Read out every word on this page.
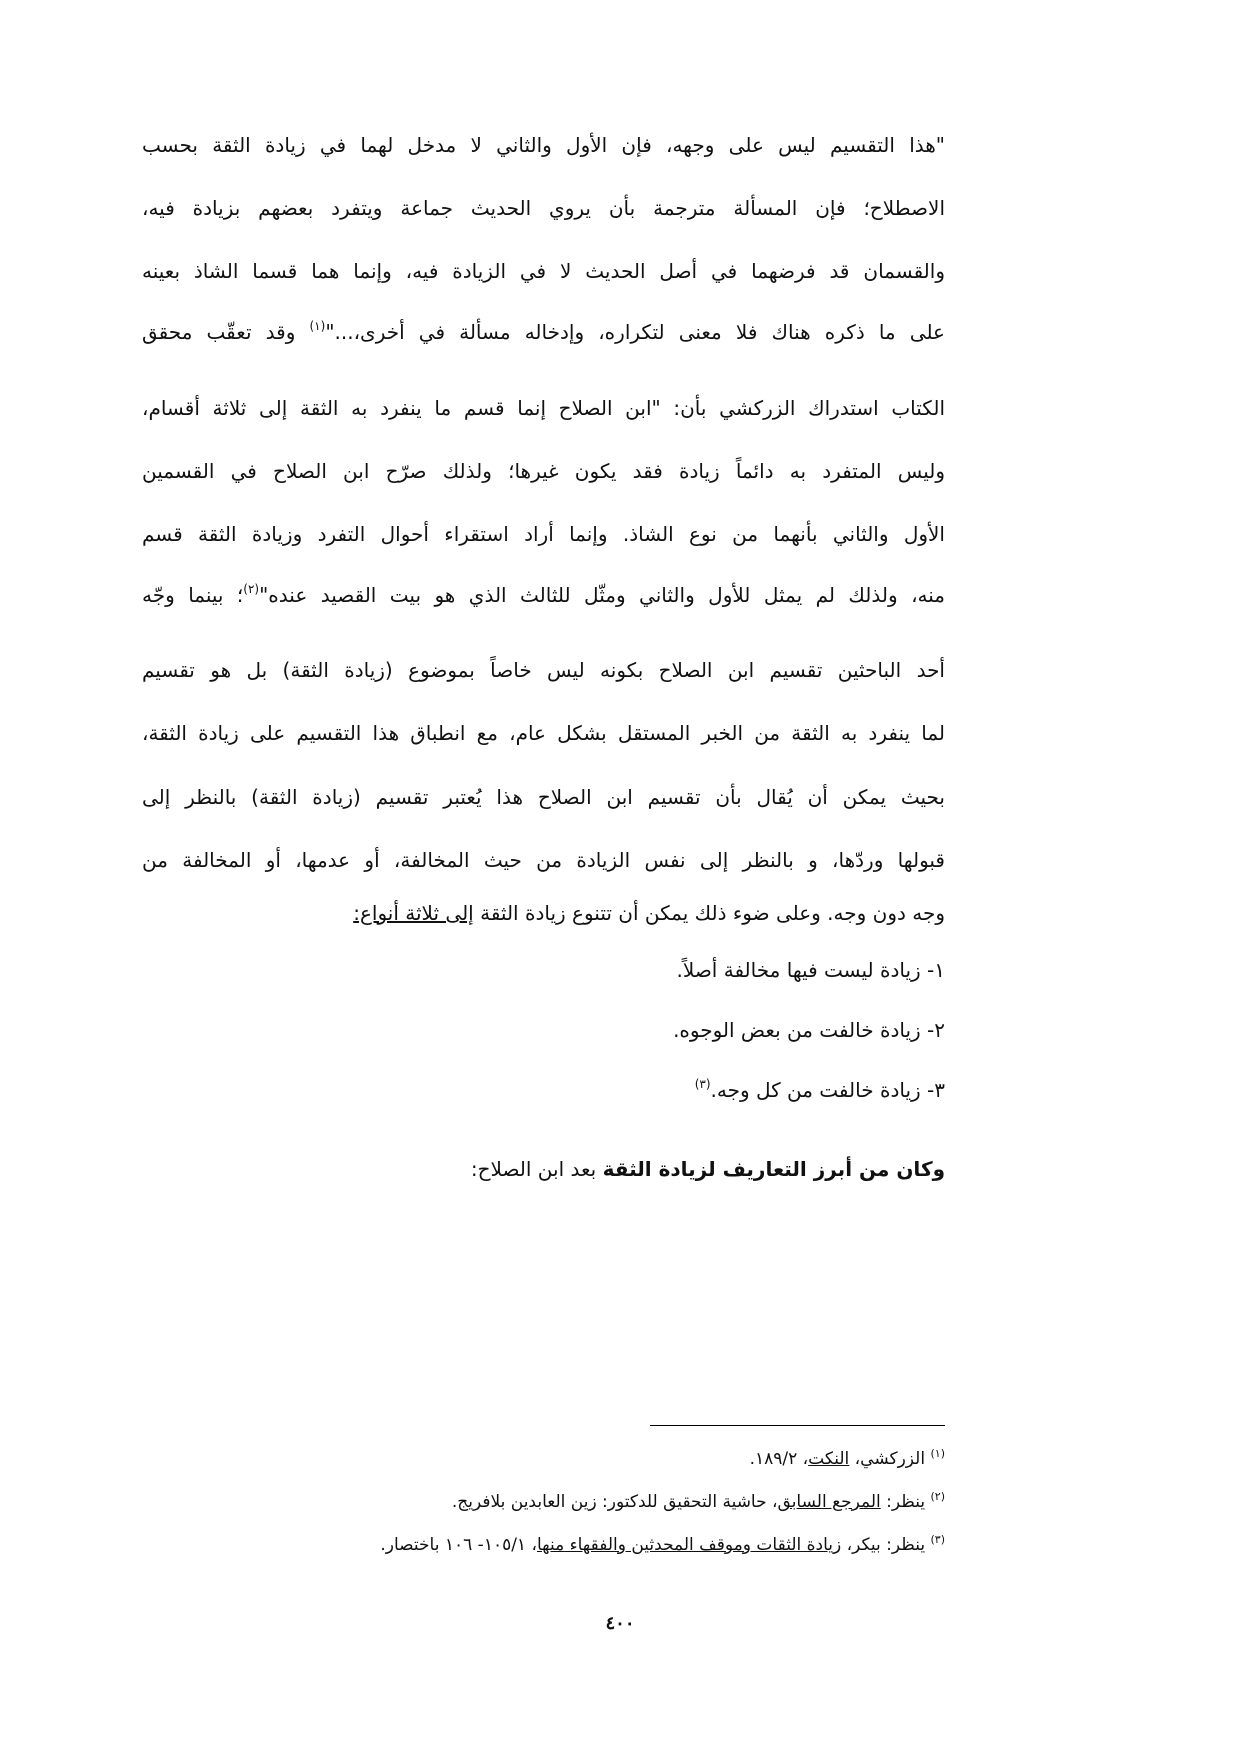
"هذا التقسيم ليس على وجهه، فإن الأول والثاني لا مدخل لهما في زيادة الثقة بحسب
الاصطلاح؛ فإن المسألة مترجمة بأن يروي الحديث جماعة ويتفرد بعضهم بزيادة فيه،
والقسمان قد فرضهما في أصل الحديث لا في الزيادة فيه، وإنما هما قسما الشاذ بعينه
على ما ذكره هناك فلا معنى لتكراره، وإدخاله مسألة في أخرى،..."$^{(١)}$ وقد تعقّب محقق
الكتاب استدراك الزركشي بأن: "ابن الصلاح إنما قسم ما ينفرد به الثقة إلى ثلاثة أقسام،
وليس المتفرد به دائماً زيادة فقد يكون غيرها؛ ولذلك صرّح ابن الصلاح في القسمين
الأول والثاني بأنهما من نوع الشاذ. وإنما أراد استقراء أحوال التفرد وزيادة الثقة قسم
منه، ولذلك لم يمثل للأول والثاني ومثّل للثالث الذي هو بيت القصيد عنده"$^{(٢)}$؛ بينما وجّه
أحد الباحثين تقسيم ابن الصلاح بكونه ليس خاصاً بموضوع (زيادة الثقة) بل هو تقسيم
لما ينفرد به الثقة من الخبر المستقل بشكل عام، مع انطباق هذا التقسيم على زيادة الثقة،
بحيث يمكن أن يُقال بأن تقسيم ابن الصلاح هذا يُعتبر تقسيم (زيادة الثقة) بالنظر إلى
قبولها وردّها، و بالنظر إلى نفس الزيادة من حيث المخالفة، أو عدمها، أو المخالفة من
وجه دون وجه. وعلى ضوء ذلك يمكن أن تتنوع زيادة الثقة إلى ثلاثة أنواع:
١- زيادة ليست فيها مخالفة أصلاً.
٢- زيادة خالفت من بعض الوجوه.
٣- زيادة خالفت من كل وجه.$^{(٣)}$
وكان من أبرز التعاريف لزيادة الثقة بعد ابن الصلاح:
$^{(١)}$ الزركشي، النكت، ١٨٩/٢.
$^{(٢)}$ ينظر: المرجع السابق، حاشية التحقيق للدكتور: زين العابدين بلافريج.
$^{(٣)}$ ينظر: بيكر، زيادة الثقات وموقف المحدثين والفقهاء منها، ١٠٥/١- ١٠٦ باختصار.
٤٠٠
